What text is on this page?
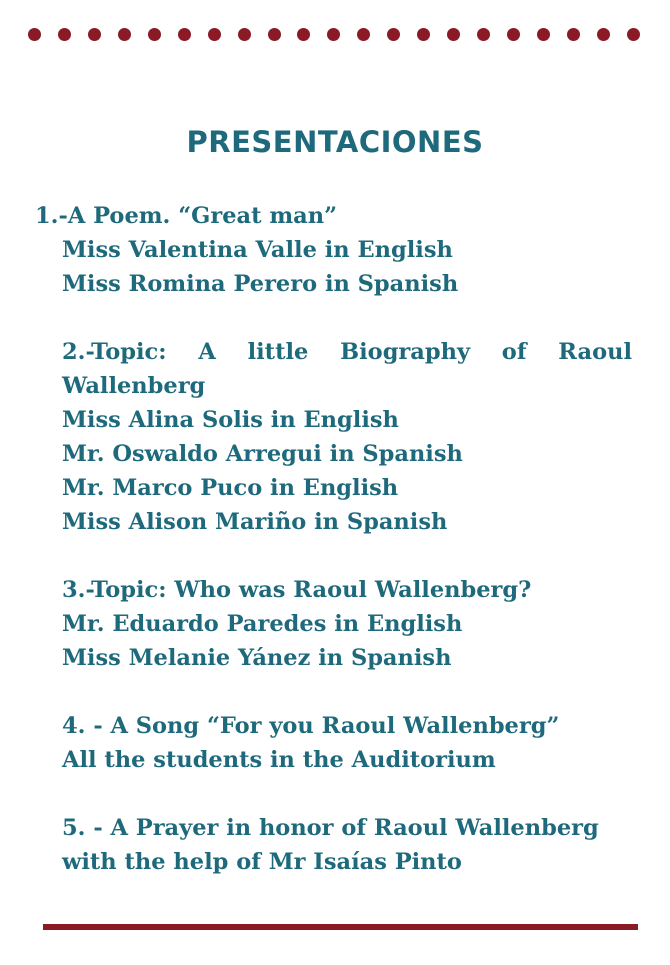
PRESENTACIONES
1.-A Poem. “Great man”
Miss Valentina Valle in English
Miss Romina Perero in Spanish
2.-Topic: A little Biography of Raoul
Wallenberg
Miss Alina Solis in English
Mr. Oswaldo Arregui in Spanish
Mr. Marco Puco in English
Miss Alison Mariño in Spanish
3.-Topic: Who was Raoul Wallenberg?
Mr. Eduardo Paredes in English
Miss Melanie Yánez in Spanish
4. - A Song “For you Raoul Wallenberg”
All the students in the Auditorium
5. - A Prayer in honor of Raoul Wallenberg
with the help of Mr Isaías Pinto
